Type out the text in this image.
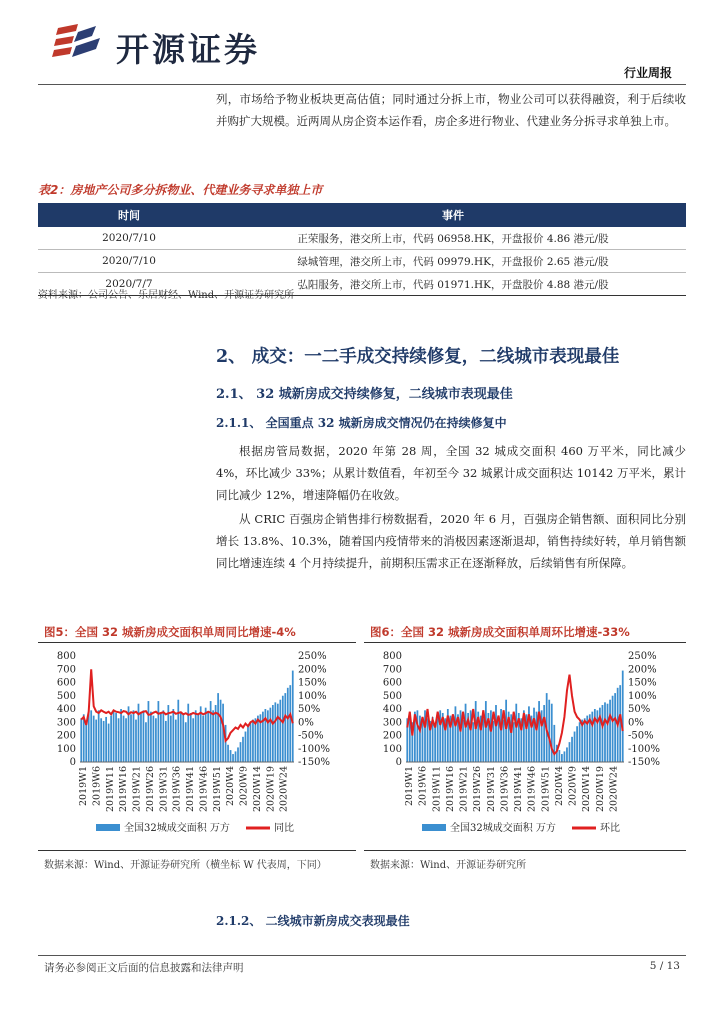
开源证券
行业周报

列，市场给予物业板块更高估值；同时通过分拆上市，物业公司可以获得融资，利于后续收并购扩大规模。近两周从房企资本运作看，房企多进行物业、代建业务分拆寻求单独上市。

表2：房地产公司多分拆物业、代建业务寻求单独上市
时间	事件
2020/7/10	正荣服务，港交所上市，代码 06958.HK，开盘报价 4.86 港元/股
2020/7/10	绿城管理，港交所上市，代码 09979.HK，开盘报价 2.65 港元/股
2020/7/7	弘阳服务，港交所上市，代码 01971.HK，开盘股价 4.88 港元/股
资料来源：公司公告、乐居财经、Wind、开源证券研究所
2、 成交：一二手成交持续修复，二线城市表现最佳
2.1、 32 城新房成交持续修复，二线城市表现最佳
2.1.1、 全国重点 32 城新房成交情况仍在持续修复中

根据房管局数据，2020 年第 28 周，全国 32 城成交面积 460 万平米，同比减少 4%，环比减少 33%；从累计数值看，年初至今 32 城累计成交面积达 10142 万平米，累计同比减少 12%，增速降幅仍在收敛。

从 CRIC 百强房企销售排行榜数据看，2020 年 6 月，百强房企销售额、面积同比分别增长 13.8%、10.3%，随着国内疫情带来的消极因素逐渐退却，销售持续好转，单月销售额同比增速连续 4 个月持续提升，前期积压需求正在逐渐释放，后续销售有所保障。

图5：全国 32 城新房成交面积单周同比增速-4%	图6：全国 32 城新房成交面积单周环比增速-33%
0
100
200
300
400
500
600
700
800
-150%
-100%
-50%
0%
50%
100%
150%
200%
250%
2019W1 2019W6 2019W11 2019W16 2019W21 2019W26 2019W31 2019W36 2019W41 2019W46 2019W51 2020W4 2020W9 2020W14 2020W19 2020W24
全国32城成交面积 万方	同比
0
100
200
300
400
500
600
700
800
-150%
-100%
-50%
0%
50%
100%
150%
200%
250%
2019W1 2019W6 2019W11 2019W16 2019W21 2019W26 2019W31 2019W36 2019W41 2019W46 2019W51 2020W4 2020W9 2020W14 2020W19 2020W24
全国32城成交面积 万方	环比
数据来源：Wind、开源证券研究所（横坐标 W 代表周，下同）	数据来源：Wind、开源证券研究所
2.1.2、 二线城市新房成交表现最佳
请务必参阅正文后面的信息披露和法律声明	5 / 13
